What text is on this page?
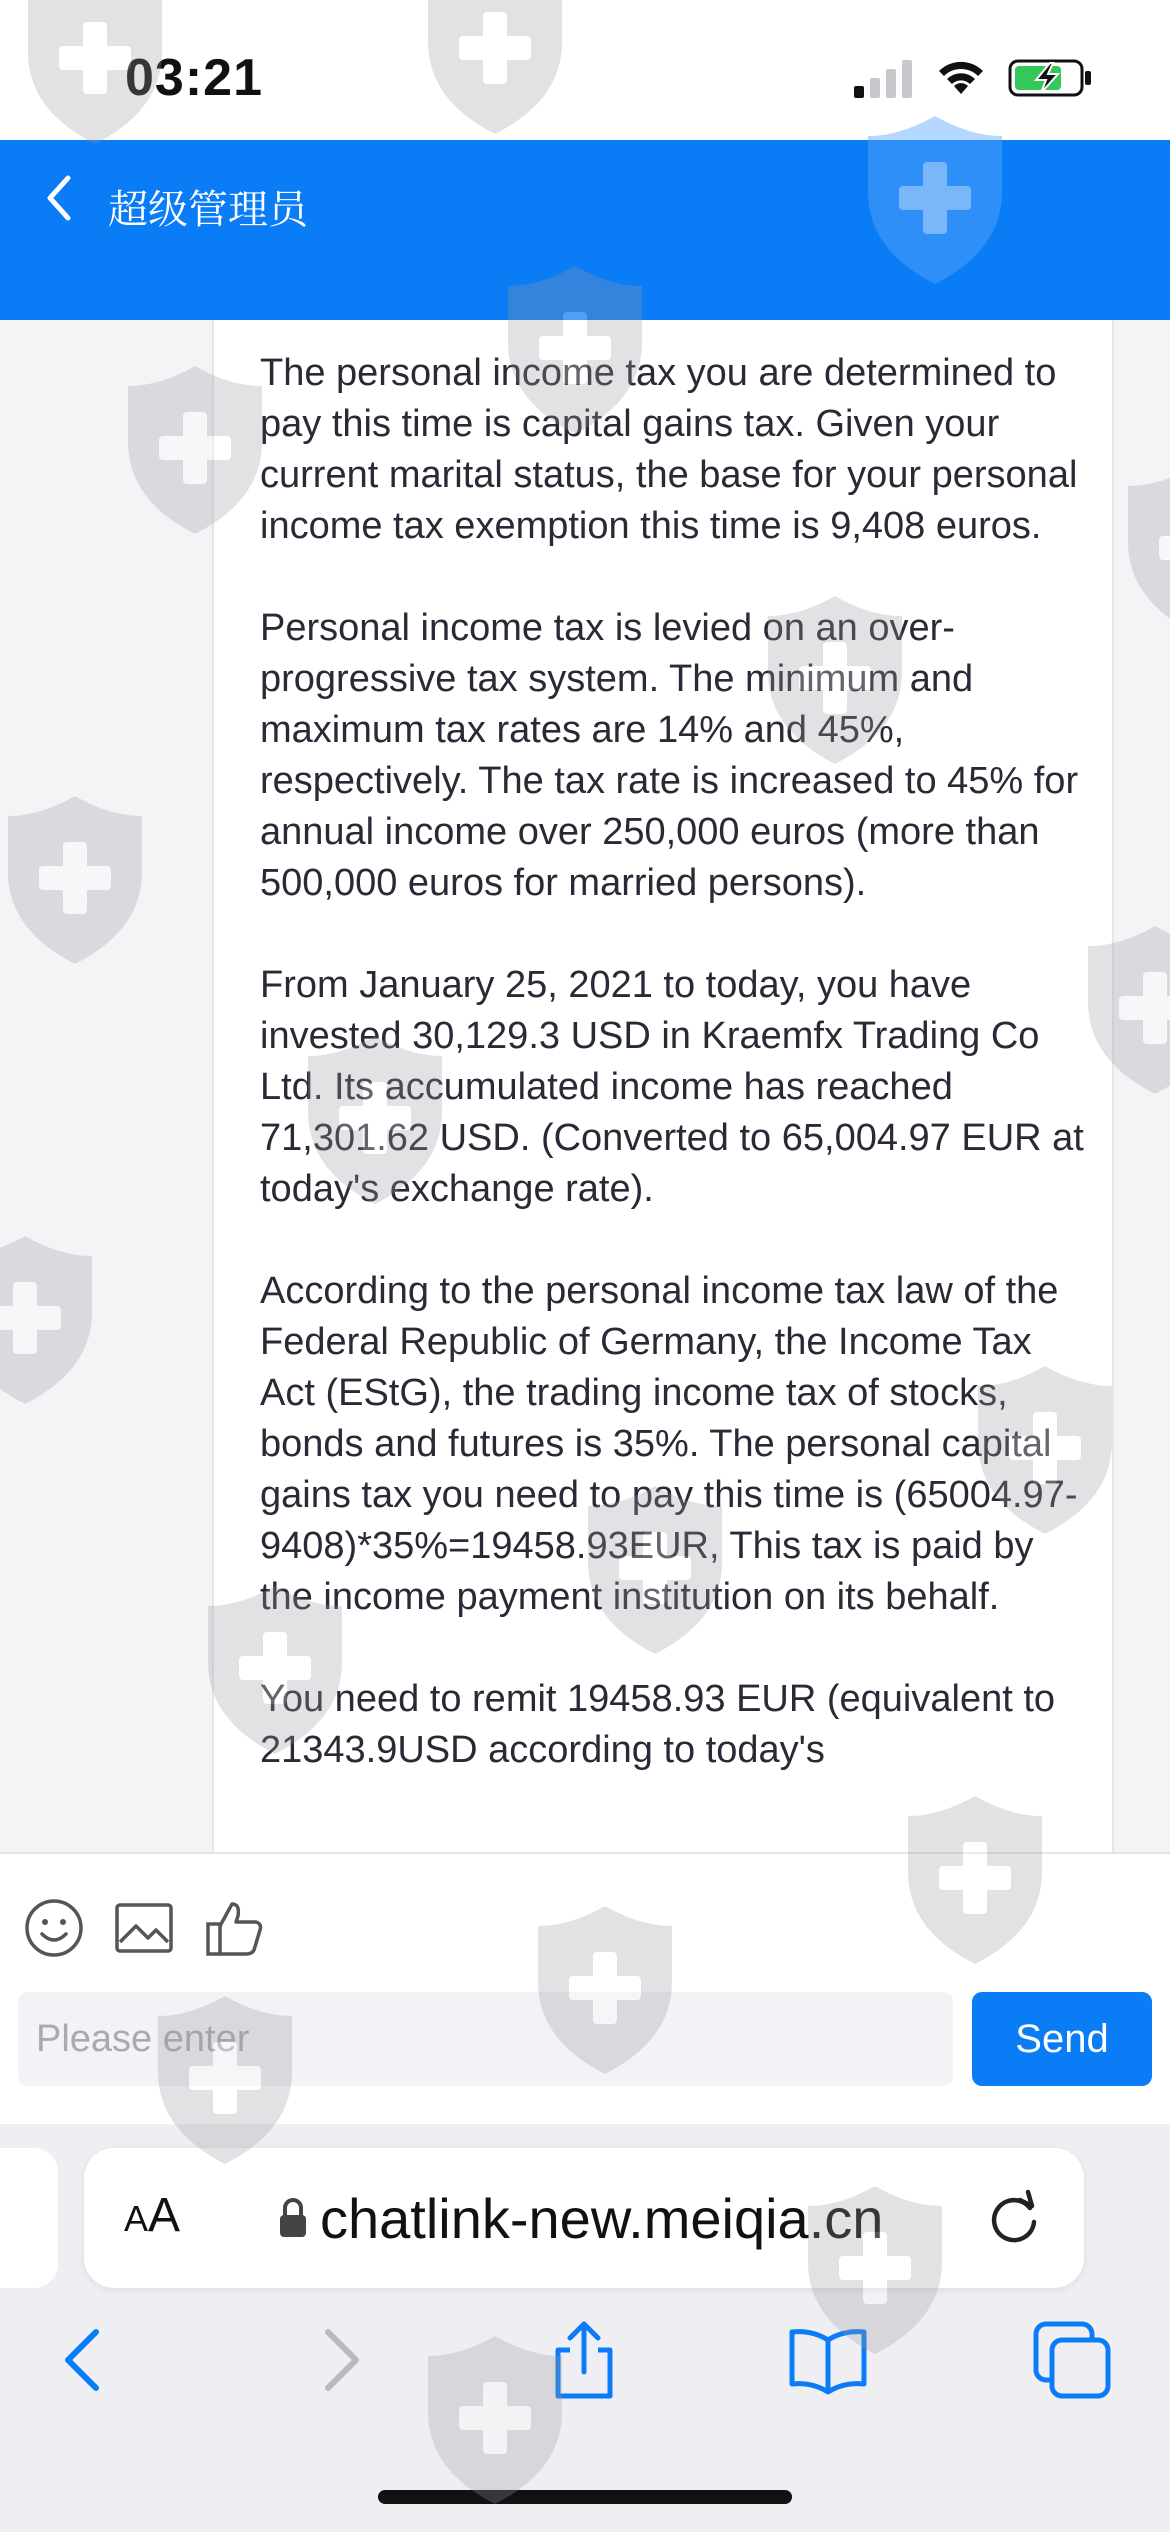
03:21
超级管理员

The personal income tax you are determined to pay this time is capital gains tax. Given your current marital status, the base for your personal income tax exemption this time is 9,408 euros.

Personal income tax is levied on an over-progressive tax system. The minimum and maximum tax rates are 14% and 45%, respectively. The tax rate is increased to 45% for annual income over 250,000 euros (more than 500,000 euros for married persons).

From January 25, 2021 to today, you have invested 30,129.3 USD in Kraemfx Trading Co Ltd. Its accumulated income has reached 71,301.62 USD. (Converted to 65,004.97 EUR at today's exchange rate).

According to the personal income tax law of the Federal Republic of Germany, the Income Tax Act (EStG), the trading income tax of stocks, bonds and futures is 35%. The personal capital gains tax you need to pay this time is (65004.97-9408)*35%=19458.93EUR, This tax is paid by the income payment institution on its behalf.

You need to remit 19458.93 EUR (equivalent to 21343.9USD according to today's

Please enter
Send
AA chatlink-new.meiqia.cn
